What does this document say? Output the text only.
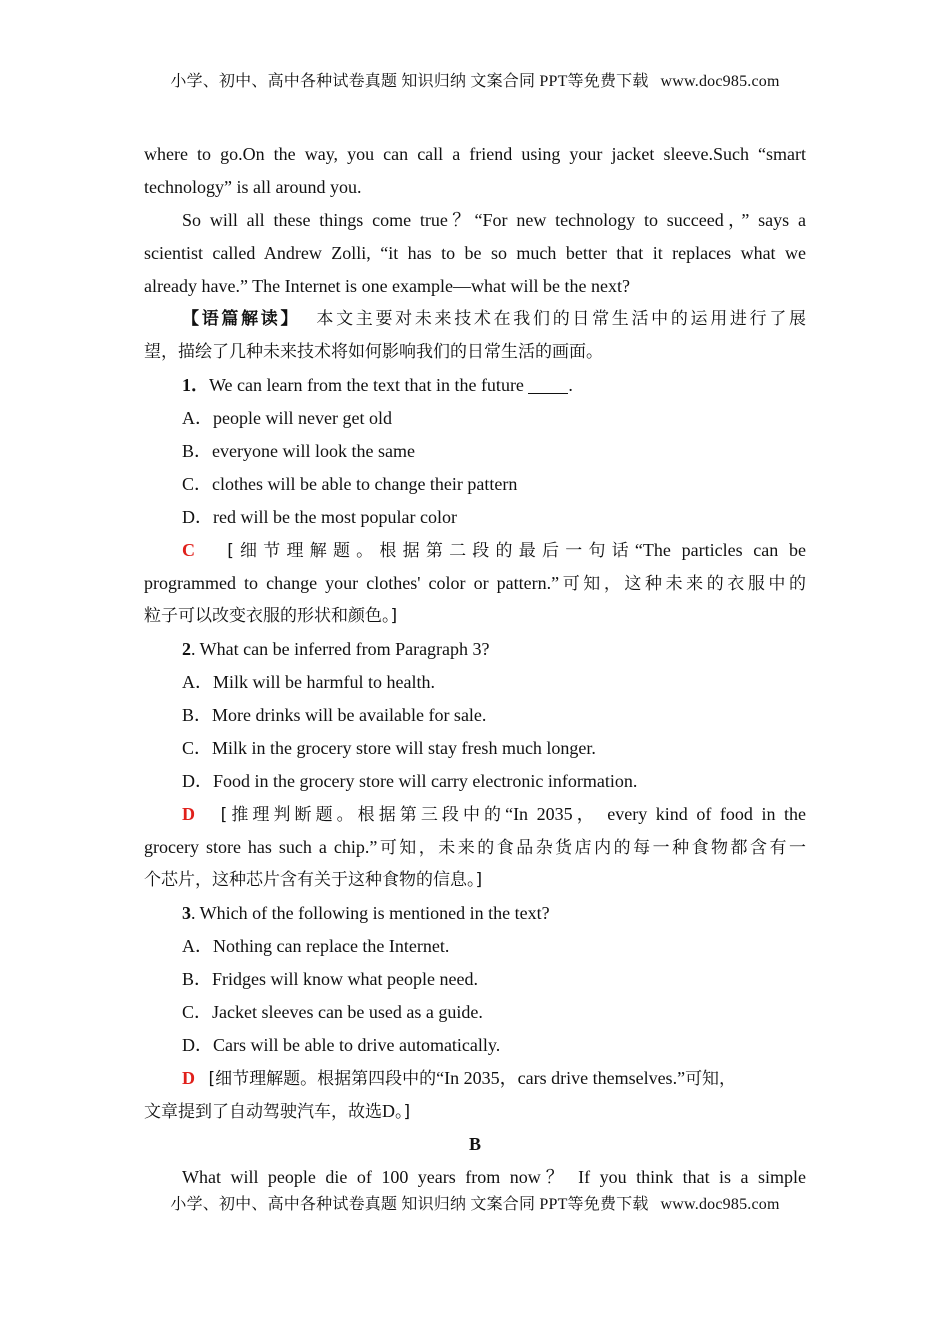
小学、初中、高中各种试卷真题 知识归纳 文案合同 PPT等免费下载 www.doc985.com
where to go.On the way, you can call a friend using your jacket sleeve.Such “smart
technology” is all around you.
So will all these things come true？“For new technology to succeed，” says a
scientist called Andrew Zolli, “it has to be so much better that it replaces what we
already have.” The Internet is one example—what will be the next?
【语篇解读】 本文主要对未来技术在我们的日常生活中的运用进行了展
望，描绘了几种未来技术将如何影响我们的日常生活的画面。
1．We can learn from the text that in the future .
A．people will never get old
B．everyone will look the same
C．clothes will be able to change their pattern
D．red will be the most popular color
C [细节理解题。根据第二段的最后一句话“The particles can be
programmed to change your clothes' color or pattern.”可知，这种未来的衣服中的
粒子可以改变衣服的形状和颜色。]
2. What can be inferred from Paragraph 3?
A．Milk will be harmful to health.
B．More drinks will be available for sale.
C．Milk in the grocery store will stay fresh much longer.
D．Food in the grocery store will carry electronic information.
D [推理判断题。根据第三段中的“In 2035， every kind of food in the
grocery store has such a chip.”可知，未来的食品杂货店内的每一种食物都含有一
个芯片，这种芯片含有关于这种食物的信息。]
3. Which of the following is mentioned in the text?
A．Nothing can replace the Internet.
B．Fridges will know what people need.
C．Jacket sleeves can be used as a guide.
D．Cars will be able to drive automatically.
D [细节理解题。根据第四段中的“In 2035，cars drive themselves.”可知，
文章提到了自动驾驶汽车，故选D。]
B
What will people die of 100 years from now？ If you think that is a simple
小学、初中、高中各种试卷真题 知识归纳 文案合同 PPT等免费下载 www.doc985.com
